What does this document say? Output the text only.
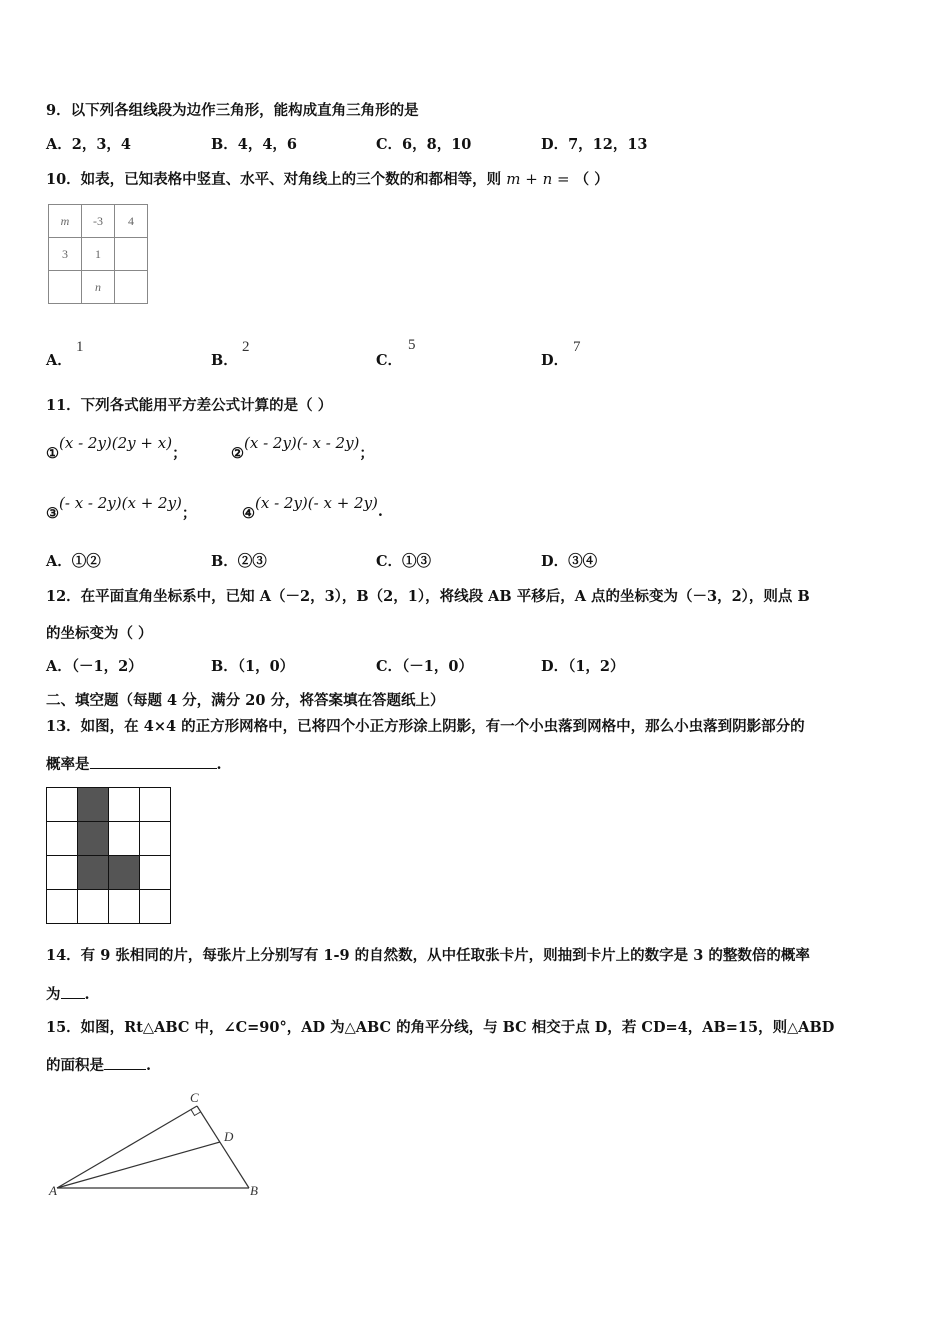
9．以下列各组线段为边作三角形，能构成直角三角形的是
A．2，3，4	B．4，4，6	C．6，8，10	D．7，12，13
10．如表，已知表格中竖直、水平、对角线上的三个数的和都相等，则 m + n = （ ）
m	-3	4
3	1	
	n	
A．
1
B．
2
C．
5
D．
7
11．下列各式能用平方差公式计算的是（ ）
①(x - 2y)(2y + x)；	②(x - 2y)(- x - 2y)；
③(- x - 2y)(x + 2y)；	④(x - 2y)(- x + 2y).
A．①②	B．②③	C．①③	D．③④
12．在平面直角坐标系中，已知 A（－2，3），B（2，1），将线段 AB 平移后，A 点的坐标变为（－3，2），则点 B
的坐标变为（ ）
A．（－1，2）	B．（1，0）	C．（－1，0）	D．（1，2）
二、填空题（每题 4 分，满分 20 分，将答案填在答题纸上）
13．如图，在 4×4 的正方形网格中，已将四个小正方形涂上阴影，有一个小虫落到网格中，那么小虫落到阴影部分的
概率是	.

14．有 9 张相同的片，每张片上分别写有 1-9 的自然数，从中任取张卡片，则抽到卡片上的数字是 3 的整数倍的概率
为 .
15．如图，Rt△ABC 中，∠C=90°，AD 为△ABC 的角平分线，与 BC 相交于点 D，若 CD=4，AB=15，则△ABD
的面积是	.
C
D
A	B
